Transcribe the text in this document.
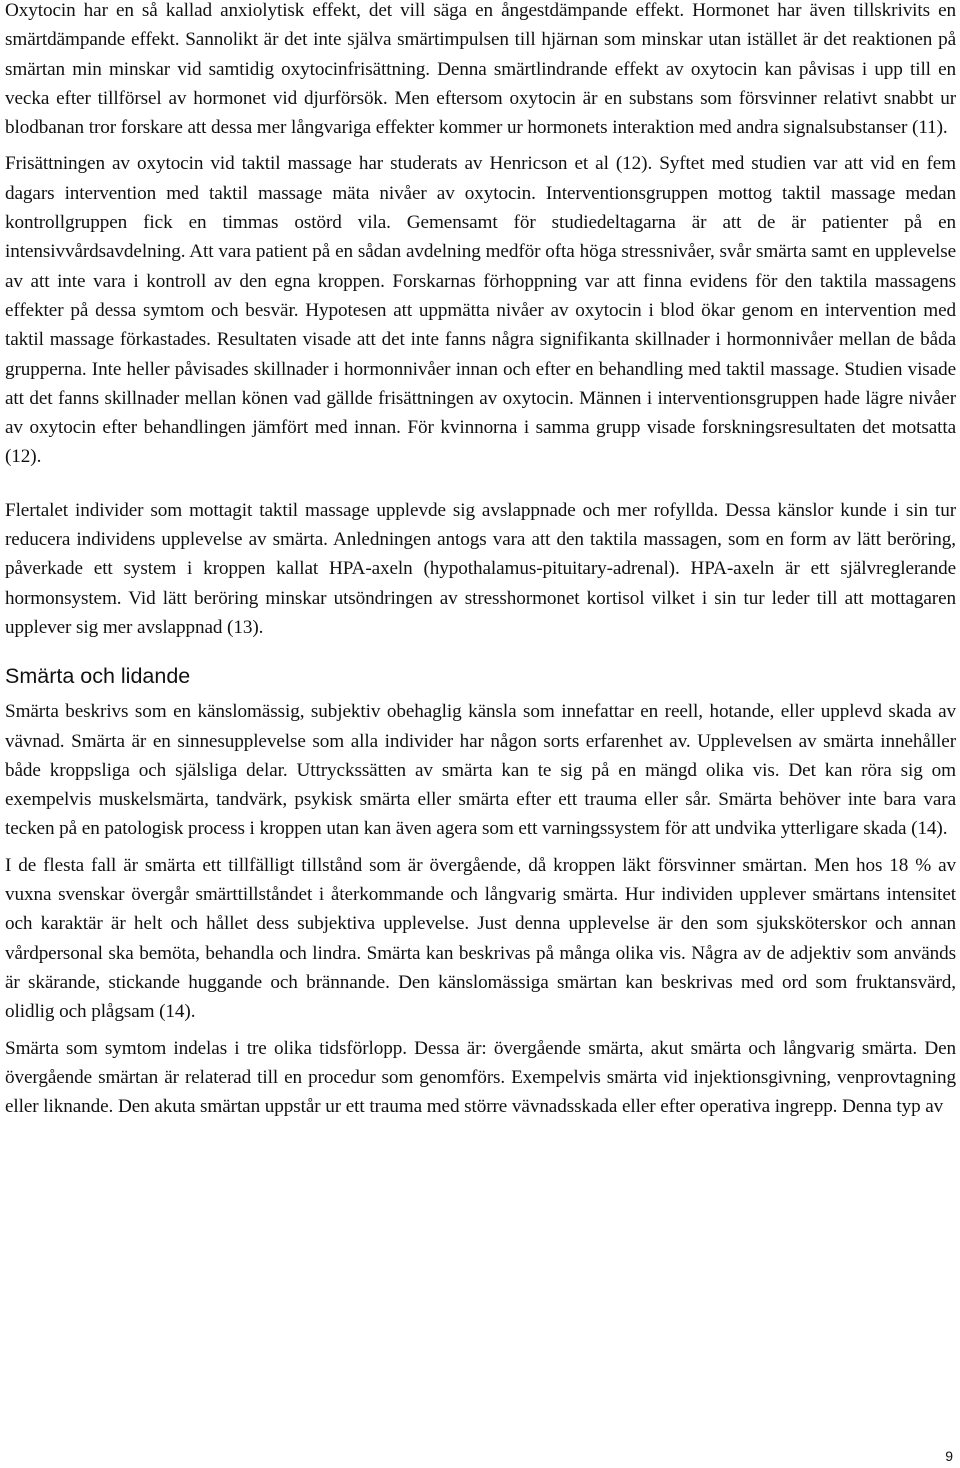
Oxytocin har en så kallad anxiolytisk effekt, det vill säga en ångestdämpande effekt. Hormonet har även tillskrivits en smärtdämpande effekt. Sannolikt är det inte själva smärtimpulsen till hjärnan som minskar utan istället är det reaktionen på smärtan min minskar vid samtidig oxytocinfrisättning. Denna smärtlindrande effekt av oxytocin kan påvisas i upp till en vecka efter tillförsel av hormonet vid djurförsök. Men eftersom oxytocin är en substans som försvinner relativt snabbt ur blodbanan tror forskare att dessa mer långvariga effekter kommer ur hormonets interaktion med andra signalsubstanser (11).

Frisättningen av oxytocin vid taktil massage har studerats av Henricson et al (12). Syftet med studien var att vid en fem dagars intervention med taktil massage mäta nivåer av oxytocin. Interventionsgruppen mottog taktil massage medan kontrollgruppen fick en timmas ostörd vila. Gemensamt för studiedeltagarna är att de är patienter på en intensivvårdsavdelning. Att vara patient på en sådan avdelning medför ofta höga stressnivåer, svår smärta samt en upplevelse av att inte vara i kontroll av den egna kroppen. Forskarnas förhoppning var att finna evidens för den taktila massagens effekter på dessa symtom och besvär. Hypotesen att uppmätta nivåer av oxytocin i blod ökar genom en intervention med taktil massage förkastades. Resultaten visade att det inte fanns några signifikanta skillnader i hormonnivåer mellan de båda grupperna. Inte heller påvisades skillnader i hormonnivåer innan och efter en behandling med taktil massage. Studien visade att det fanns skillnader mellan könen vad gällde frisättningen av oxytocin. Männen i interventionsgruppen hade lägre nivåer av oxytocin efter behandlingen jämfört med innan. För kvinnorna i samma grupp visade forskningsresultaten det motsatta (12).

Flertalet individer som mottagit taktil massage upplevde sig avslappnade och mer rofyllda. Dessa känslor kunde i sin tur reducera individens upplevelse av smärta. Anledningen antogs vara att den taktila massagen, som en form av lätt beröring, påverkade ett system i kroppen kallat HPA-axeln (hypothalamus-pituitary-adrenal). HPA-axeln är ett självreglerande hormonsystem. Vid lätt beröring minskar utsöndringen av stresshormonet kortisol vilket i sin tur leder till att mottagaren upplever sig mer avslappnad (13).

Smärta och lidande

Smärta beskrivs som en känslomässig, subjektiv obehaglig känsla som innefattar en reell, hotande, eller upplevd skada av vävnad. Smärta är en sinnesupplevelse som alla individer har någon sorts erfarenhet av. Upplevelsen av smärta innehåller både kroppsliga och själsliga delar. Uttryckssätten av smärta kan te sig på en mängd olika vis. Det kan röra sig om exempelvis muskelsmärta, tandvärk, psykisk smärta eller smärta efter ett trauma eller sår. Smärta behöver inte bara vara tecken på en patologisk process i kroppen utan kan även agera som ett varningssystem för att undvika ytterligare skada (14).

I de flesta fall är smärta ett tillfälligt tillstånd som är övergående, då kroppen läkt försvinner smärtan. Men hos 18 % av vuxna svenskar övergår smärttillståndet i återkommande och långvarig smärta. Hur individen upplever smärtans intensitet och karaktär är helt och hållet dess subjektiva upplevelse. Just denna upplevelse är den som sjuksköterskor och annan vårdpersonal ska bemöta, behandla och lindra. Smärta kan beskrivas på många olika vis. Några av de adjektiv som används är skärande, stickande huggande och brännande. Den känslomässiga smärtan kan beskrivas med ord som fruktansvärd, olidlig och plågsam (14).

Smärta som symtom indelas i tre olika tidsförlopp. Dessa är: övergående smärta, akut smärta och långvarig smärta. Den övergående smärtan är relaterad till en procedur som genomförs. Exempelvis smärta vid injektionsgivning, venprovtagning eller liknande. Den akuta smärtan uppstår ur ett trauma med större vävnadsskada eller efter operativa ingrepp. Denna typ av

9
